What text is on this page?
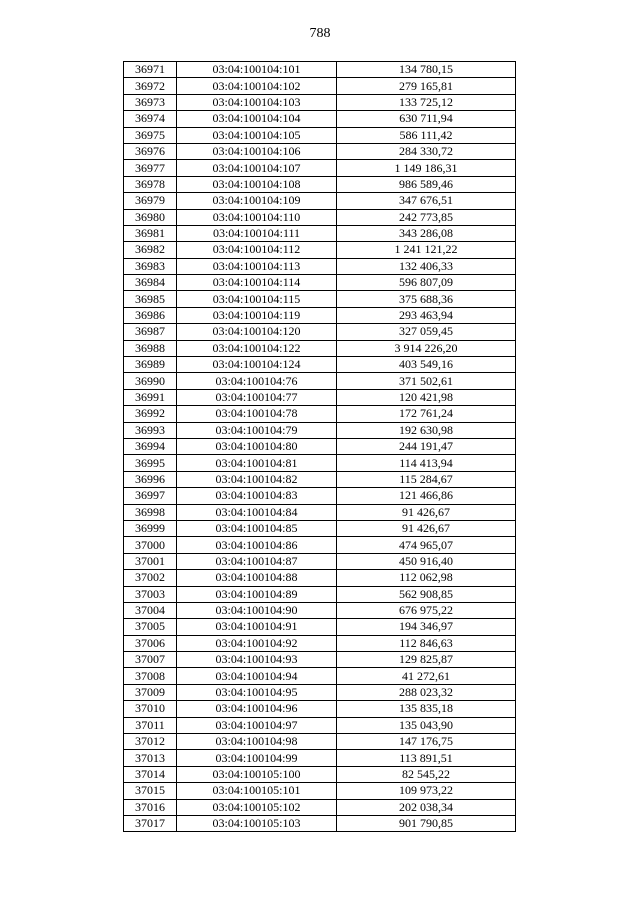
788
36971	03:04:100104:101	134 780,15
36972	03:04:100104:102	279 165,81
36973	03:04:100104:103	133 725,12
36974	03:04:100104:104	630 711,94
36975	03:04:100104:105	586 111,42
36976	03:04:100104:106	284 330,72
36977	03:04:100104:107	1 149 186,31
36978	03:04:100104:108	986 589,46
36979	03:04:100104:109	347 676,51
36980	03:04:100104:110	242 773,85
36981	03:04:100104:111	343 286,08
36982	03:04:100104:112	1 241 121,22
36983	03:04:100104:113	132 406,33
36984	03:04:100104:114	596 807,09
36985	03:04:100104:115	375 688,36
36986	03:04:100104:119	293 463,94
36987	03:04:100104:120	327 059,45
36988	03:04:100104:122	3 914 226,20
36989	03:04:100104:124	403 549,16
36990	03:04:100104:76	371 502,61
36991	03:04:100104:77	120 421,98
36992	03:04:100104:78	172 761,24
36993	03:04:100104:79	192 630,98
36994	03:04:100104:80	244 191,47
36995	03:04:100104:81	114 413,94
36996	03:04:100104:82	115 284,67
36997	03:04:100104:83	121 466,86
36998	03:04:100104:84	91 426,67
36999	03:04:100104:85	91 426,67
37000	03:04:100104:86	474 965,07
37001	03:04:100104:87	450 916,40
37002	03:04:100104:88	112 062,98
37003	03:04:100104:89	562 908,85
37004	03:04:100104:90	676 975,22
37005	03:04:100104:91	194 346,97
37006	03:04:100104:92	112 846,63
37007	03:04:100104:93	129 825,87
37008	03:04:100104:94	41 272,61
37009	03:04:100104:95	288 023,32
37010	03:04:100104:96	135 835,18
37011	03:04:100104:97	135 043,90
37012	03:04:100104:98	147 176,75
37013	03:04:100104:99	113 891,51
37014	03:04:100105:100	82 545,22
37015	03:04:100105:101	109 973,22
37016	03:04:100105:102	202 038,34
37017	03:04:100105:103	901 790,85
